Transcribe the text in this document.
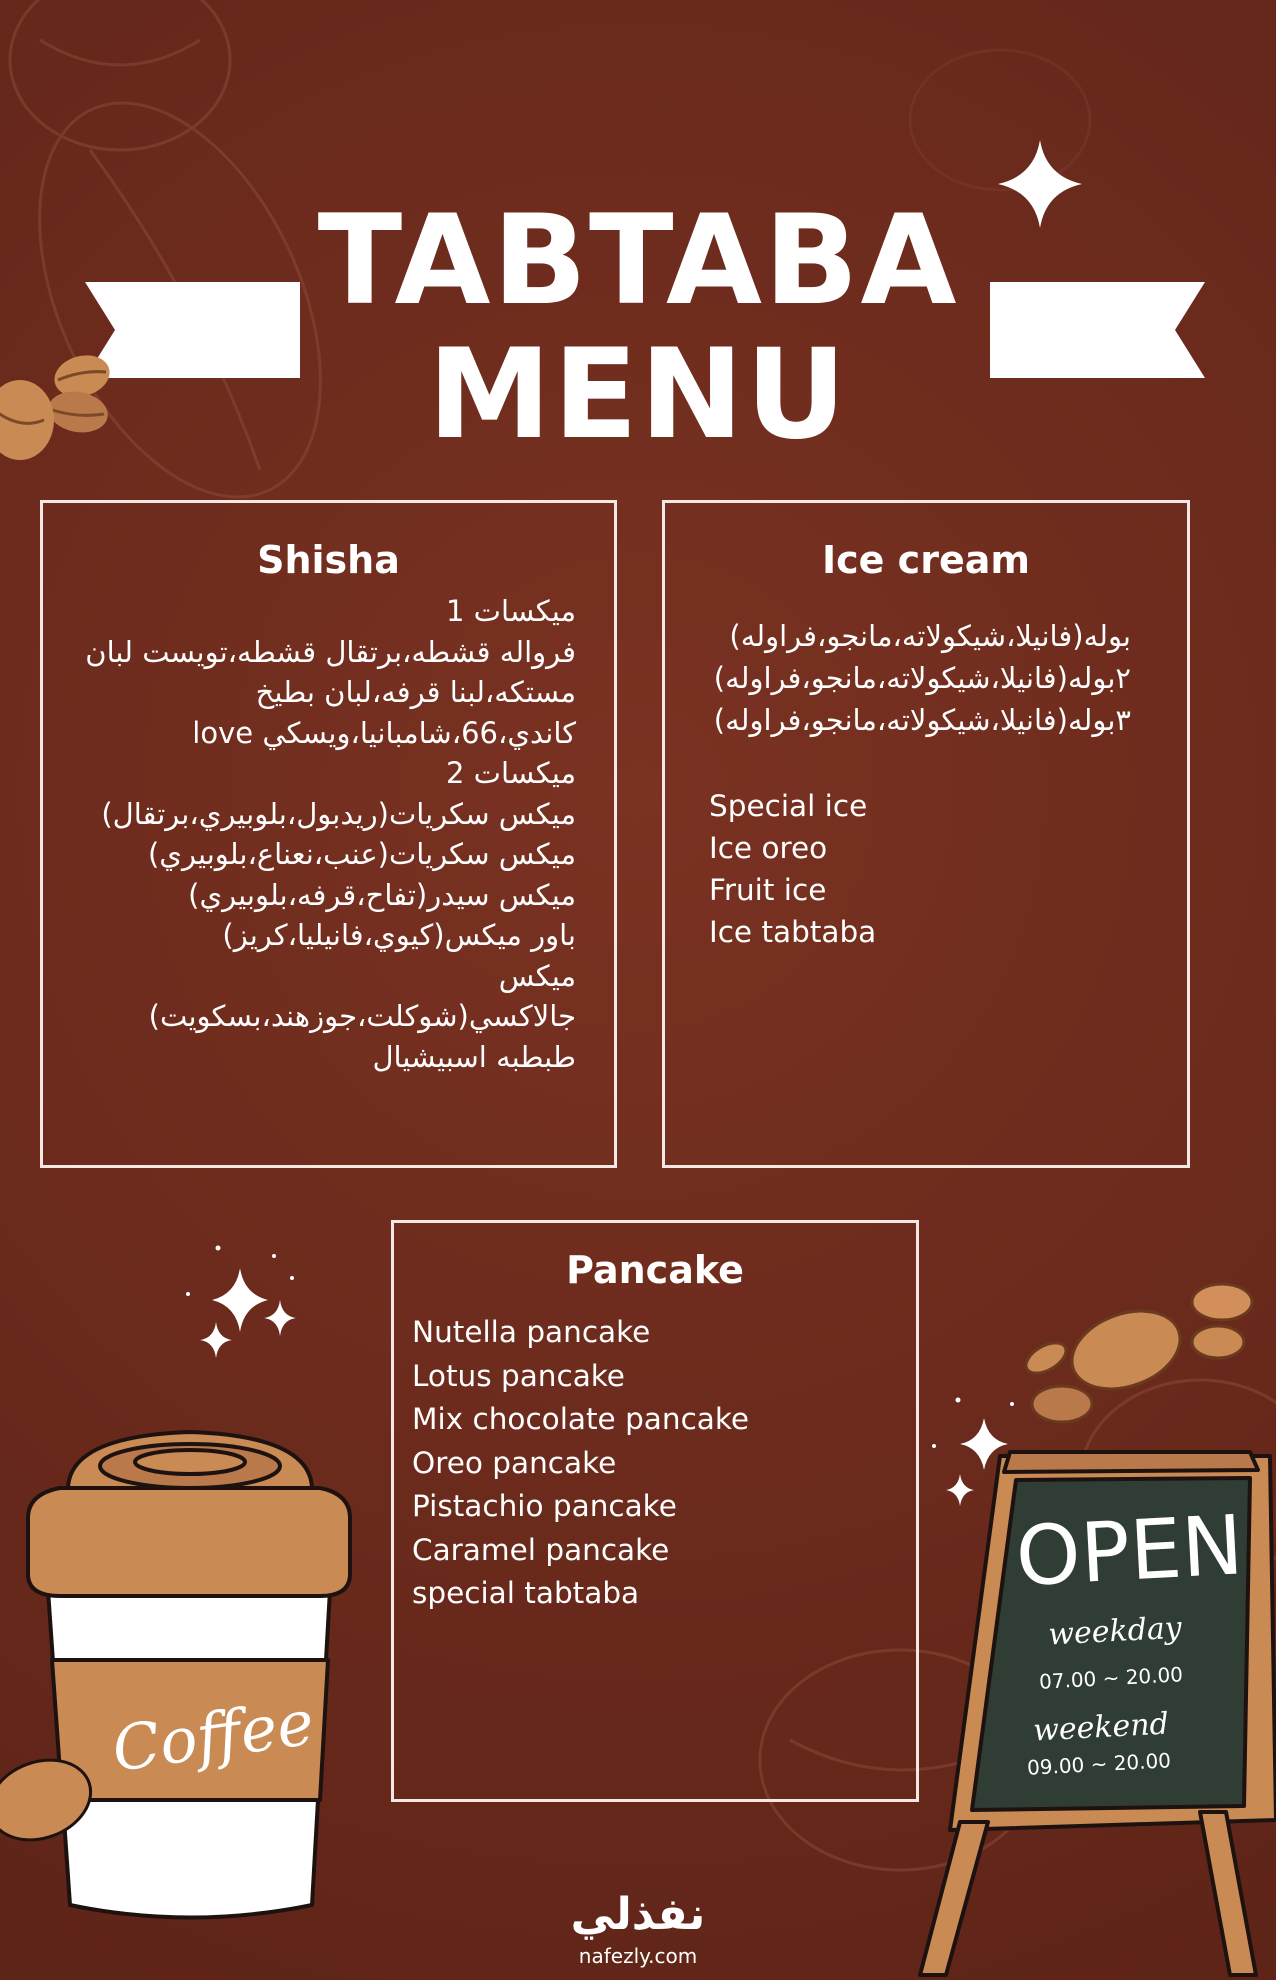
TABTABA
MENU
Shisha
ميكسات 1
فرواله قشطه،برتقال قشطه،تويست لبان
مستكه،لبنا قرفه،لبان بطيخ
كاندي،66،شامبانيا،ويسكي love
ميكسات 2
ميكس سكريات(ريدبول،بلوبيري،برتقال)
ميكس سكريات(عنب،نعناع،بلوبيري)
ميكس سيدر(تفاح،قرفه،بلوبيري)
باور ميكس(كيوي،فانيليا،كريز)
ميكس
جالاكسي(شوكلت،جوزهند،بسكويت)
طبطبه اسبيشيال
Ice cream
بوله(فانيلا،شيكولاته،مانجو،فراوله)
٢بوله(فانيلا،شيكولاته،مانجو،فراوله)
٣بوله(فانيلا،شيكولاته،مانجو،فراوله)
Special ice
Ice oreo
Fruit ice
Ice tabtaba
Pancake
Nutella pancake
Lotus pancake
Mix chocolate pancake
Oreo pancake
Pistachio pancake
Caramel pancake
special tabtaba
Coffee
OPEN
weekday
07.00 ~ 20.00
weekend
09.00 ~ 20.00
نفذلي
nafezly.com
